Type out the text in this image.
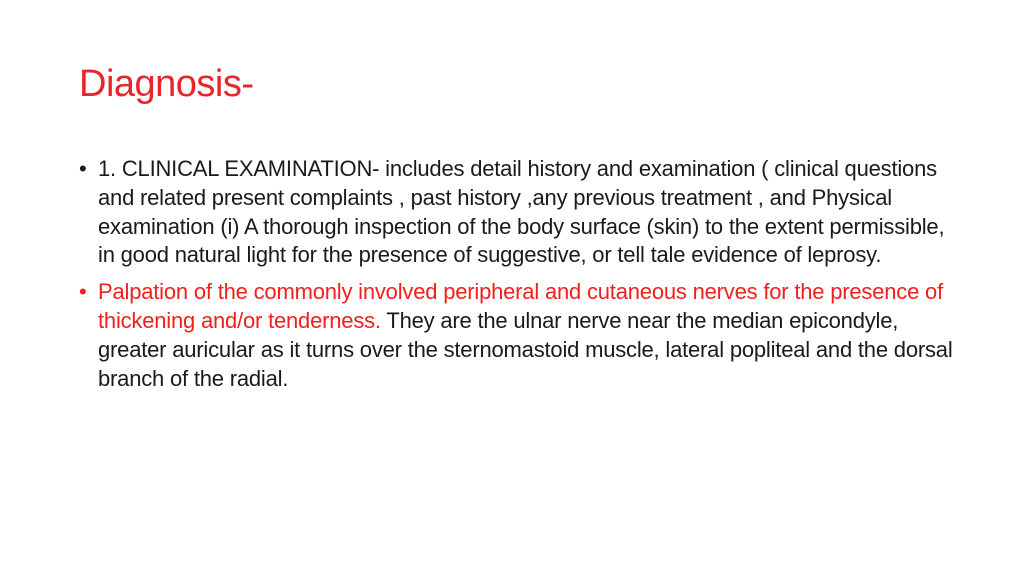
Diagnosis-
• 1. CLINICAL EXAMINATION- includes detail history and examination ( clinical questions and related present complaints , past history ,any previous treatment , and Physical examination (i) A thorough inspection of the body surface (skin) to the extent permissible, in good natural light for the presence of suggestive, or tell tale evidence of leprosy.
• Palpation of the commonly involved peripheral and cutaneous nerves for the presence of thickening and/or tenderness. They are the ulnar nerve near the median epicondyle, greater auricular as it turns over the sternomastoid muscle, lateral popliteal and the dorsal branch of the radial.
